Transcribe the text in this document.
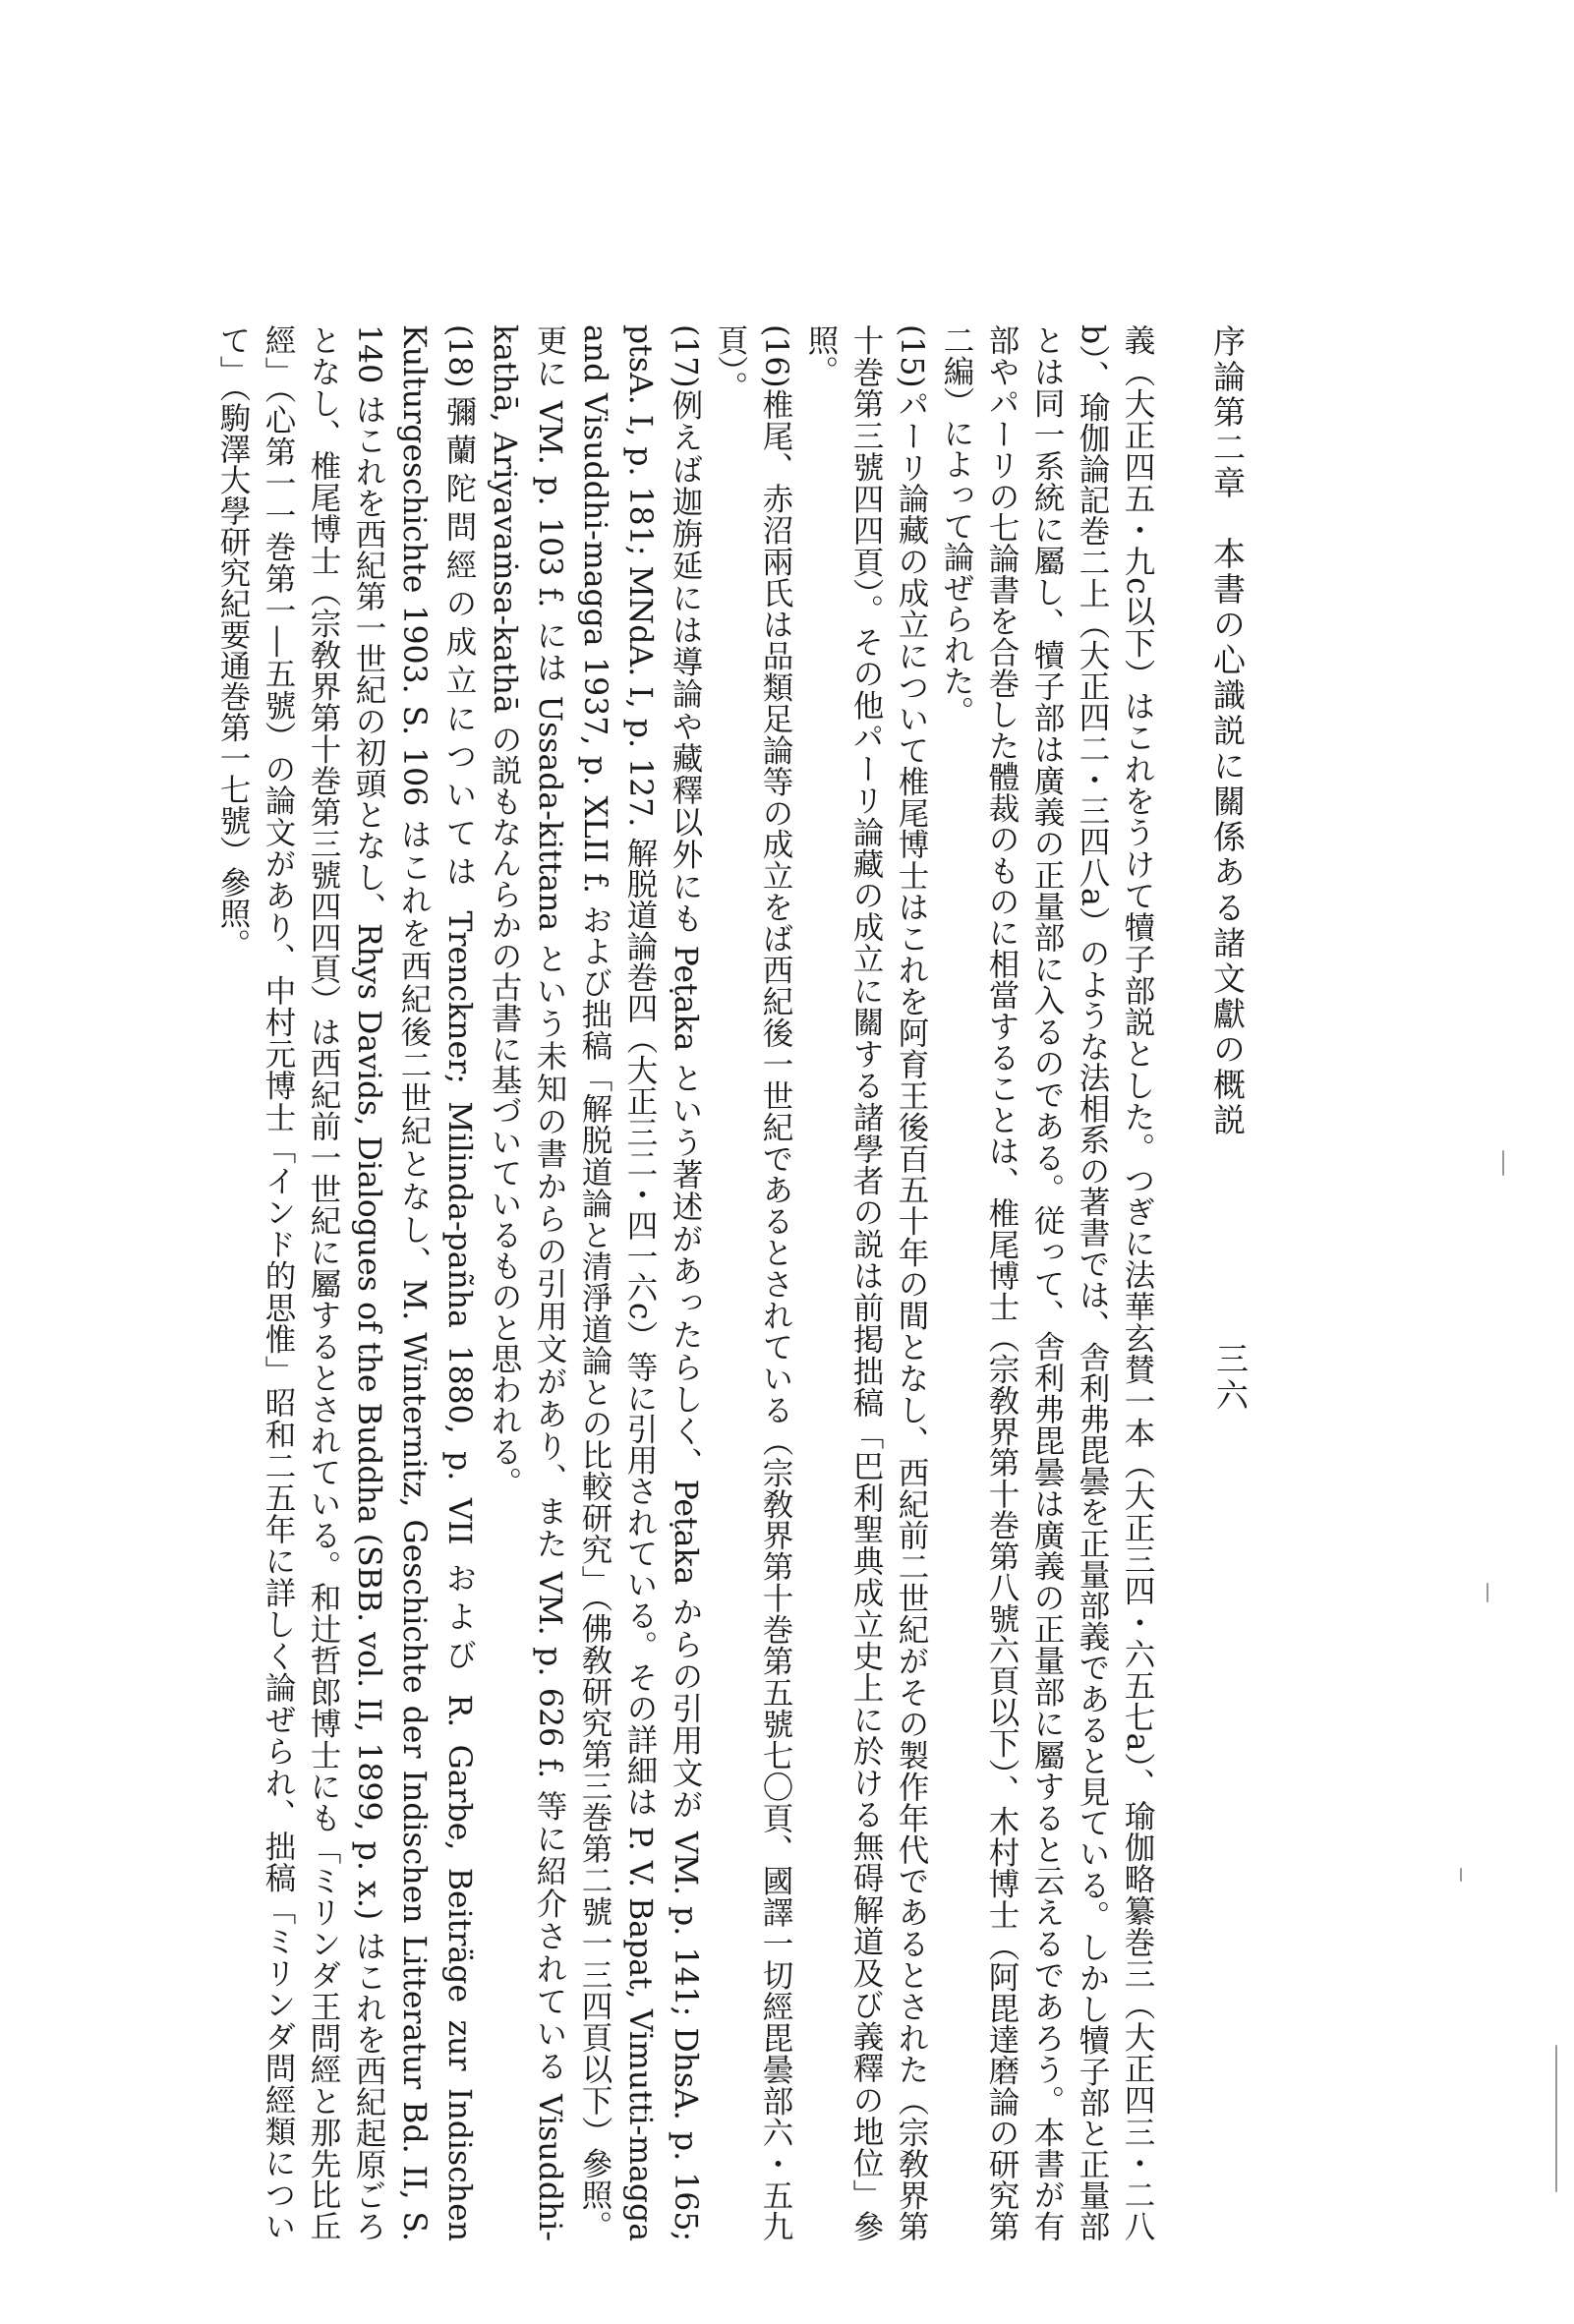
序論第二章　本書の心識説に關係ある諸文獻の概説
三六

義（大正四五・九c以下）はこれをうけて犢子部説とした。つぎに法華玄賛一本（大正三四・六五七a）、瑜伽略纂巻三（大正四三・二八b）、瑜伽論記巻二上（大正四二・三四八a）のような法相系の著書では、舎利弗毘曇を正量部義であると見ている。しかし犢子部と正量部とは同一系統に屬し、犢子部は廣義の正量部に入るのである。従って、舎利弗毘曇は廣義の正量部に屬すると云えるであろう。本書が有部やパーリの七論書を合巻した體裁のものに相當することは、椎尾博士（宗敎界第十巻第八號六頁以下）、木村博士（阿毘達磨論の研究第二編）によって論ぜられた。

(15)パーリ論藏の成立について椎尾博士はこれを阿育王後百五十年の間となし、西紀前二世紀がその製作年代であるとされた（宗敎界第十巻第三號四四頁）。その他パーリ論藏の成立に關する諸學者の説は前掲拙稿「巴利聖典成立史上に於ける無碍解道及び義釋の地位」參照。

(16)椎尾、赤沼兩氏は品類足論等の成立をば西紀後一世紀であるとされている（宗敎界第十巻第五號七〇頁、國譯一切經毘曇部六・五九頁）。

(17)例えば迦旃延には導論や藏釋以外にも Peṭaka という著述があったらしく、Peṭaka からの引用文が VM. p. 141; DhsA. p. 165; ptsA. I, p. 181; MNdA. I, p. 127. 解脱道論巻四（大正三二・四一六c）等に引用されている。その詳細は P. V. Bapat, Vimutti-magga and Visuddhi-magga 1937, p. XLII f. および拙稿「解脱道論と清淨道論との比較研究」（佛敎研究第三巻第二號一三四頁以下）參照。更に VM. p. 103 f. には Ussada-kittana という未知の書からの引用文があり、また VM. p. 626 f. 等に紹介されている Visuddhi-kathā, Ariyavaṁsa-kathā の説もなんらかの古書に基づいているものと思われる。

(18)彌蘭陀問經の成立については Trenckner; Milinda-pañha 1880, p. VII および R. Garbe, Beiträge zur Indischen Kulturgeschichte 1903. S. 106 はこれを西紀後二世紀となし、M. Winternitz, Geschichte der Indischen Litteratur Bd. II, S. 140 はこれを西紀第一世紀の初頭となし、Rhys Davids, Dialogues of the Buddha (SBB. vol. II, 1899, p. x.) はこれを西紀起原ごろとなし、椎尾博士（宗敎界第十巻第三號四四頁）は西紀前一世紀に屬するとされている。和辻哲郎博士にも「ミリンダ王問經と那先比丘經」（心第一一巻第一―五號）の論文があり、中村元博士「インド的思惟」昭和二五年に詳しく論ぜられ、拙稿「ミリンダ問經類について」（駒澤大學研究紀要通巻第一七號）參照。
